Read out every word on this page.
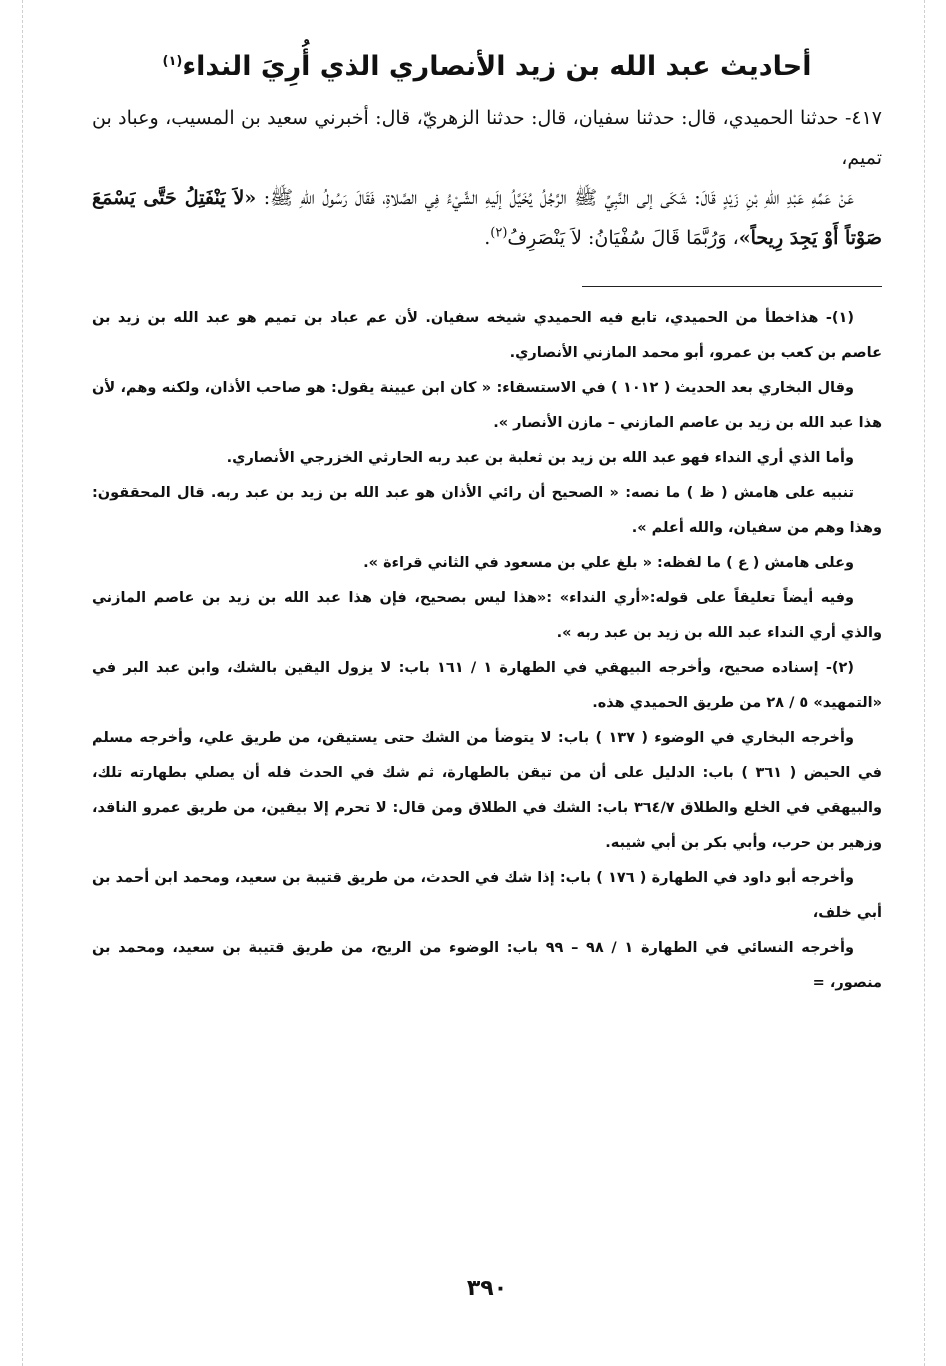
أحاديث عبد الله بن زيد الأنصاري الذي أُرِيَ النداء$^{(١)}$

٤١٧- حدثنا الحميدي، قال: حدثنا سفيان، قال: حدثنا الزهريّ، قال: أخبرني سعيد بن المسيب، وعباد بن تميم،

عَنْ عَمِّهِ عَبْدِ اللهِ بْنِ زَيْدٍ قَالَ: شَكَى إلى النَّبِيِّ ﷺ الرَّجُلُ يُخَيَّلُ إلَيهِ الشَّيْءُ فِي الصَّلاةِ، فَقَالَ رَسُولُ اللهِ ﷺ: «لاَ يَنْفَتِلُ حَتَّى يَسْمَعَ صَوْتاً أَوْ يَجِدَ رِيحاً»، وَرُبَّمَا قَالَ سُفْيَانُ: لاَ يَنْصَرِفُ$^{(٢)}$.

(١)- هذاخطأ من الحميدي، تابع فيه الحميدي شيخه سفيان. لأن عم عباد بن تميم هو عبد الله بن زيد بن عاصم بن كعب بن عمرو، أبو محمد المازني الأنصاري.

وقال البخاري بعد الحديث ( ١٠١٢ ) في الاستسقاء: « كان ابن عيينة يقول: هو صاحب الأذان، ولكنه وهم، لأن هذا عبد الله بن زيد بن عاصم المازني – مازن الأنصار ».

وأما الذي أري النداء فهو عبد الله بن زيد بن ثعلبة بن عبد ربه الحارثي الخزرجي الأنصاري.

تنبيه على هامش ( ظ ) ما نصه: « الصحيح أن رائي الأذان هو عبد الله بن زيد بن عبد ربه. قال المحققون: وهذا وهم من سفيان، والله أعلم ».

وعلى هامش ( ع ) ما لفظه: « بلغ علي بن مسعود في الثاني قراءة ».

وفيه أيضاً تعليقاً على قوله:«أري النداء» :«هذا ليس بصحيح، فإن هذا عبد الله بن زيد بن عاصم المازني والذي أري النداء عبد الله بن زيد بن عبد ربه ».

(٢)- إسناده صحيح، وأخرجه البيهقي في الطهارة ١ / ١٦١ باب: لا يزول اليقين بالشك، وابن عبد البر في «التمهيد» ٥ / ٢٨ من طريق الحميدي هذه.

وأخرجه البخاري في الوضوء ( ١٣٧ ) باب: لا يتوضأ من الشك حتى يستيقن، من طريق علي، وأخرجه مسلم في الحيض ( ٣٦١ ) باب: الدليل على أن من تيقن بالطهارة، ثم شك في الحدث فله أن يصلي بطهارته تلك، والبيهقي في الخلع والطلاق ٣٦٤/٧ باب: الشك في الطلاق ومن قال: لا تحرم إلا بيقين، من طريق عمرو الناقد، وزهير بن حرب، وأبي بكر بن أبي شيبه.

وأخرجه أبو داود في الطهارة ( ١٧٦ ) باب: إذا شك في الحدث، من طريق قتيبة بن سعيد، ومحمد ابن أحمد بن أبي خلف،

وأخرجه النسائي في الطهارة ١ / ٩٨ – ٩٩ باب: الوضوء من الريح، من طريق قتيبة بن سعيد، ومحمد بن منصور، =

٣٩٠
